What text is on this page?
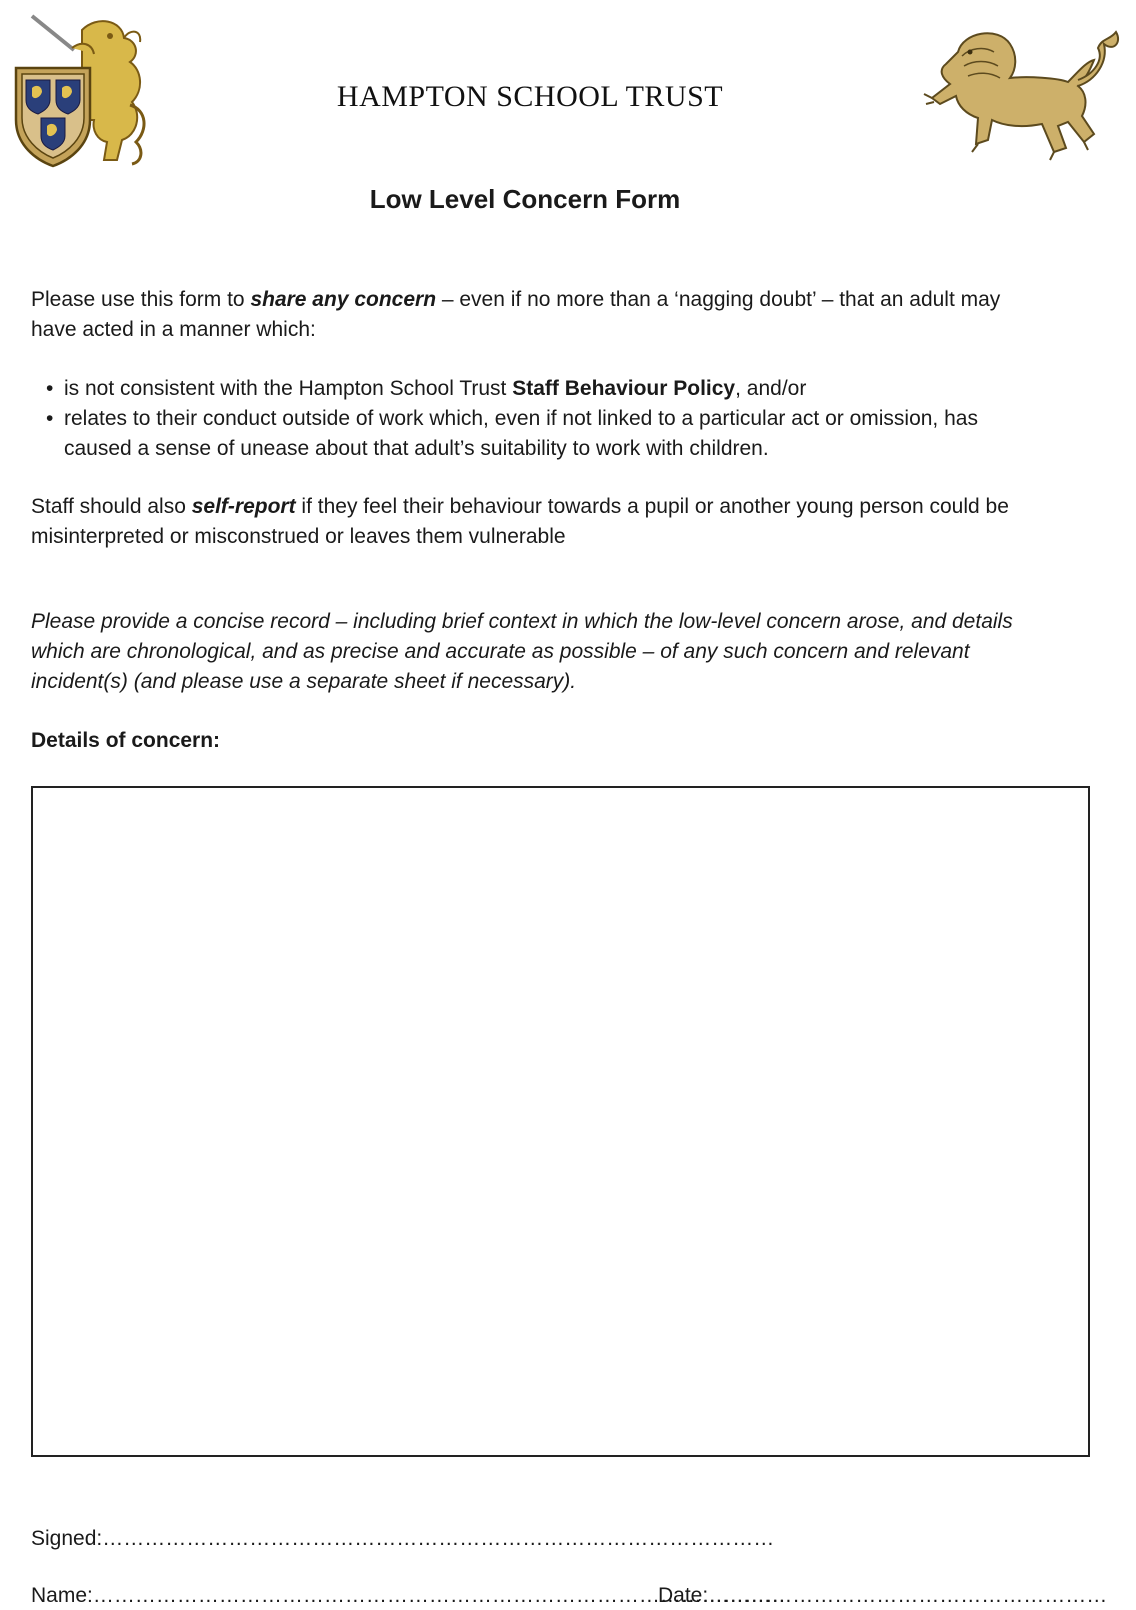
HAMPTON SCHOOL TRUST
Low Level Concern Form
Please use this form to share any concern – even if no more than a ‘nagging doubt’ – that an adult may have acted in a manner which:
• is not consistent with the Hampton School Trust Staff Behaviour Policy, and/or
• relates to their conduct outside of work which, even if not linked to a particular act or omission, has caused a sense of unease about that adult’s suitability to work with children.
Staff should also self-report if they feel their behaviour towards a pupil or another young person could be misinterpreted or misconstrued or leaves them vulnerable
Please provide a concise record – including brief context in which the low-level concern arose, and details which are chronological, and as precise and accurate as possible – of any such concern and relevant incident(s) (and please use a separate sheet if necessary).
Details of concern:
Signed:……………………………………………………………………………………
Name:………………………………………………………………………………………
Date:…………………………………………………
